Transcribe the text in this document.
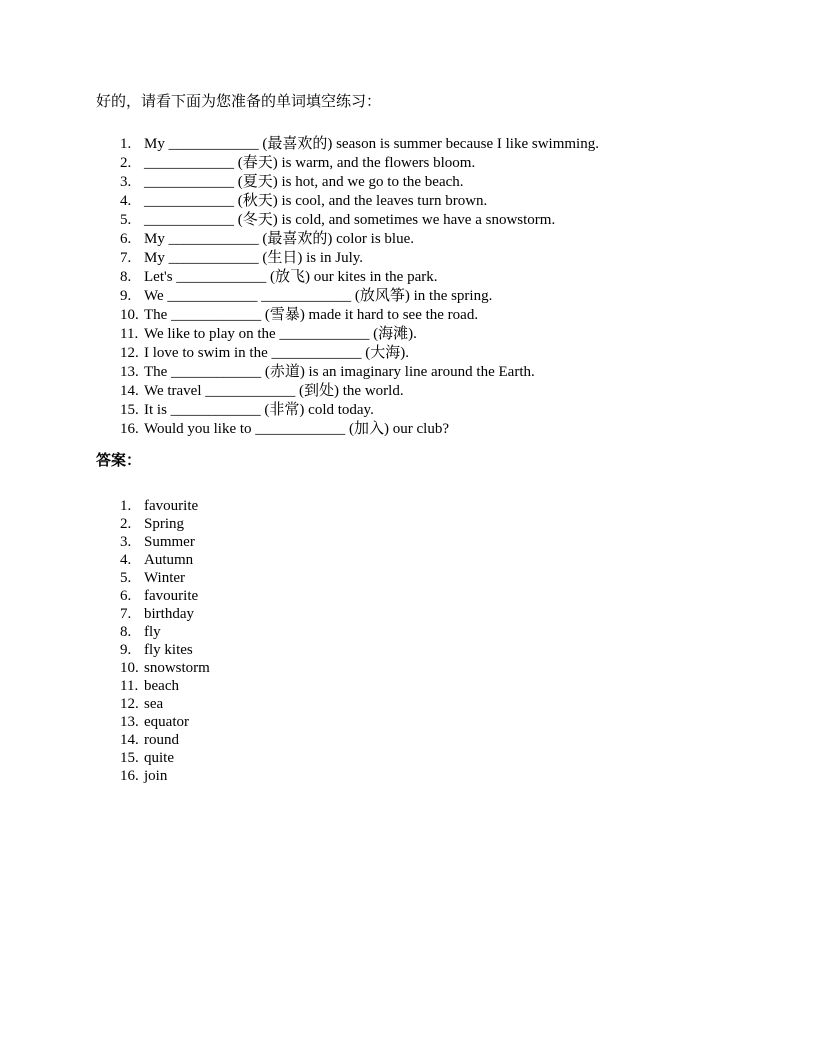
好的，请看下面为您准备的单词填空练习：

1. My ____________ (最喜欢的) season is summer because I like swimming.
2. ____________ (春天) is warm, and the flowers bloom.
3. ____________ (夏天) is hot, and we go to the beach.
4. ____________ (秋天) is cool, and the leaves turn brown.
5. ____________ (冬天) is cold, and sometimes we have a snowstorm.
6. My ____________ (最喜欢的) color is blue.
7. My ____________ (生日) is in July.
8. Let's ____________ (放飞) our kites in the park.
9. We ____________ ____________ (放风筝) in the spring.
10. The ____________ (雪暴) made it hard to see the road.
11. We like to play on the ____________ (海滩).
12. I love to swim in the ____________ (大海).
13. The ____________ (赤道) is an imaginary line around the Earth.
14. We travel ____________ (到处) the world.
15. It is ____________ (非常) cold today.
16. Would you like to ____________ (加入) our club?
答案：
1. favourite
2. Spring
3. Summer
4. Autumn
5. Winter
6. favourite
7. birthday
8. fly
9. fly kites
10. snowstorm
11. beach
12. sea
13. equator
14. round
15. quite
16. join
